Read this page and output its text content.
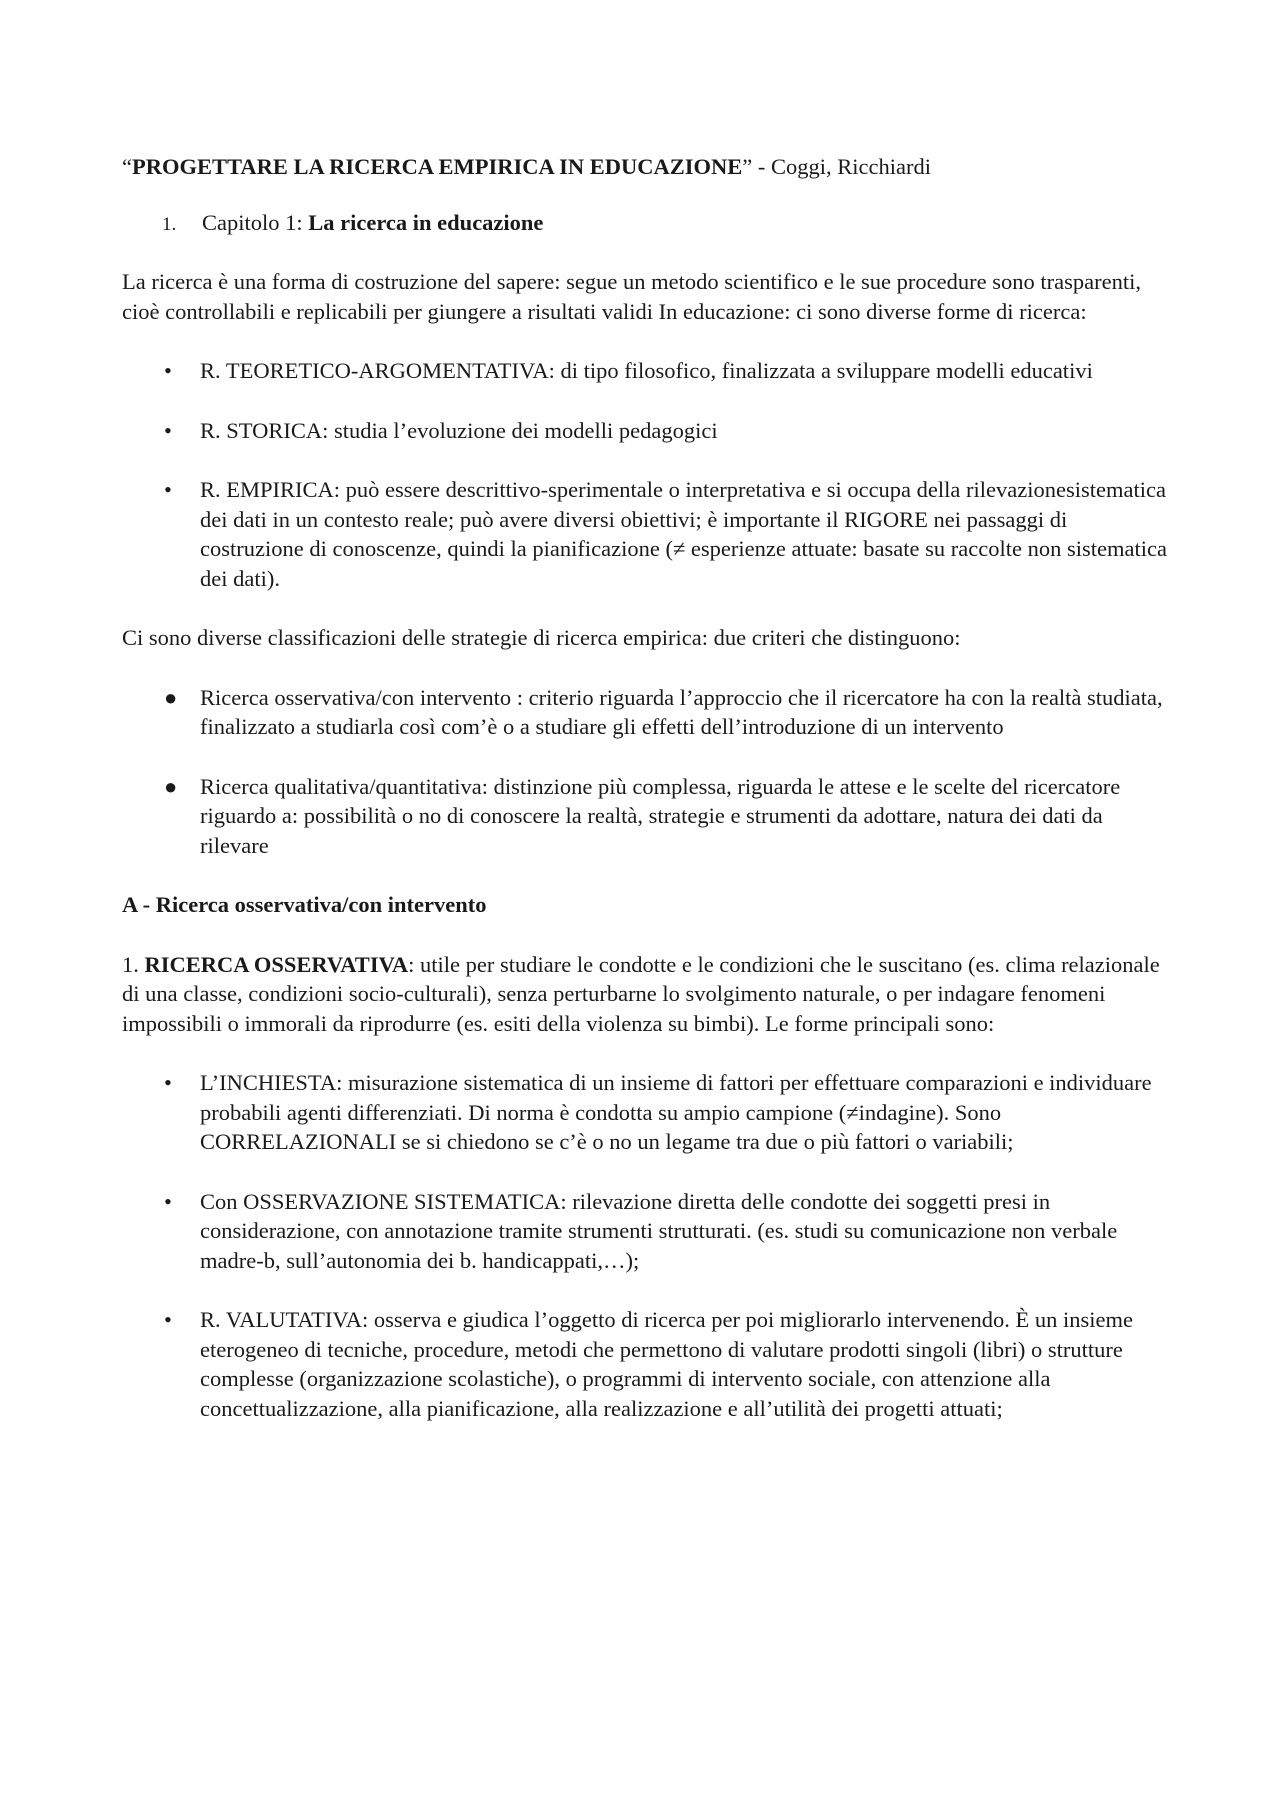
“PROGETTARE LA RICERCA EMPIRICA IN EDUCAZIONE” - Coggi, Ricchiardi

1. Capitolo 1: La ricerca in educazione

La ricerca è una forma di costruzione del sapere: segue un metodo scientifico e le sue procedure sono trasparenti, cioè controllabili e replicabili per giungere a risultati validi In educazione: ci sono diverse forme di ricerca:

• R. TEORETICO-ARGOMENTATIVA: di tipo filosofico, finalizzata a sviluppare modelli educativi
• R. STORICA: studia l’evoluzione dei modelli pedagogici
• R. EMPIRICA: può essere descrittivo-sperimentale o interpretativa e si occupa della rilevazionesistematica dei dati in un contesto reale; può avere diversi obiettivi; è importante il RIGORE nei passaggi di costruzione di conoscenze, quindi la pianificazione (≠ esperienze attuate: basate su raccolte non sistematica dei dati).

Ci sono diverse classificazioni delle strategie di ricerca empirica: due criteri che distinguono:

● Ricerca osservativa/con intervento : criterio riguarda l’approccio che il ricercatore ha con la realtà studiata, finalizzato a studiarla così com’è o a studiare gli effetti dell’introduzione di un intervento
● Ricerca qualitativa/quantitativa: distinzione più complessa, riguarda le attese e le scelte del ricercatore riguardo a: possibilità o no di conoscere la realtà, strategie e strumenti da adottare, natura dei dati da rilevare

A - Ricerca osservativa/con intervento

1. RICERCA OSSERVATIVA: utile per studiare le condotte e le condizioni che le suscitano (es. clima relazionale di una classe, condizioni socio-culturali), senza perturbarne lo svolgimento naturale, o per indagare fenomeni impossibili o immorali da riprodurre (es. esiti della violenza su bimbi). Le forme principali sono:

• L’INCHIESTA: misurazione sistematica di un insieme di fattori per effettuare comparazioni e individuare probabili agenti differenziati. Di norma è condotta su ampio campione (≠indagine). Sono CORRELAZIONALI se si chiedono se c’è o no un legame tra due o più fattori o variabili;
• Con OSSERVAZIONE SISTEMATICA: rilevazione diretta delle condotte dei soggetti presi in considerazione, con annotazione tramite strumenti strutturati. (es. studi su comunicazione non verbale madre-b, sull’autonomia dei b. handicappati,…);
• R. VALUTATIVA: osserva e giudica l’oggetto di ricerca per poi migliorarlo intervenendo. È un insieme eterogeneo di tecniche, procedure, metodi che permettono di valutare prodotti singoli (libri) o strutture complesse (organizzazione scolastiche), o programmi di intervento sociale, con attenzione alla concettualizzazione, alla pianificazione, alla realizzazione e all’utilità dei progetti attuati;
